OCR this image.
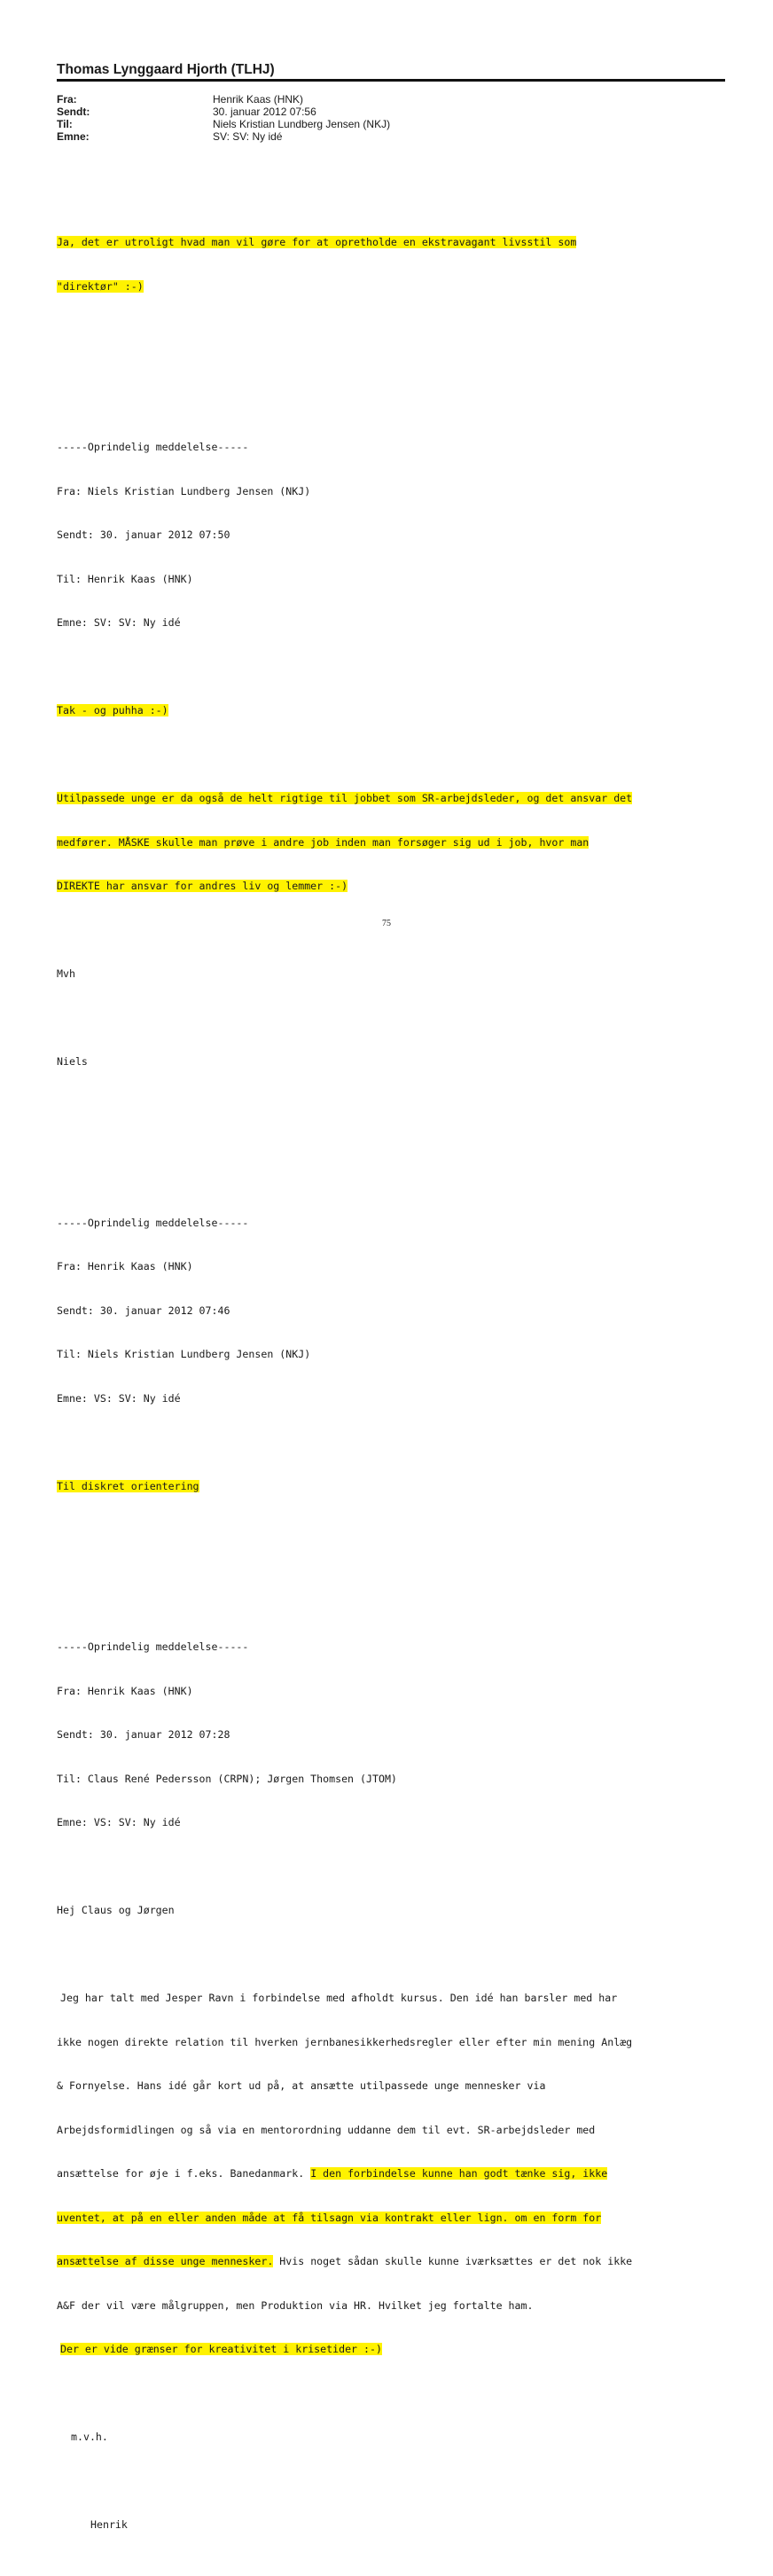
Thomas Lynggaard Hjorth (TLHJ)
Fra:	Henrik Kaas (HNK)
Sendt:	30. januar 2012 07:56
Til:	Niels Kristian Lundberg Jensen (NKJ)
Emne:	SV: SV: Ny idé

Ja, det er utroligt hvad man vil gøre for at opretholde en ekstravagant livsstil som

"direktør" :-)

-----Oprindelig meddelelse-----

Fra: Niels Kristian Lundberg Jensen (NKJ)

Sendt: 30. januar 2012 07:50

Til: Henrik Kaas (HNK)

Emne: SV: SV: Ny idé

Tak - og puhha :-)

Utilpassede unge er da også de helt rigtige til jobbet som SR-arbejdsleder, og det ansvar det

medfører. MÅSKE skulle man prøve i andre job inden man forsøger sig ud i job, hvor man

DIREKTE har ansvar for andres liv og lemmer :-)

Mvh

Niels

-----Oprindelig meddelelse-----

Fra: Henrik Kaas (HNK)

Sendt: 30. januar 2012 07:46

Til: Niels Kristian Lundberg Jensen (NKJ)

Emne: VS: SV: Ny idé

Til diskret orientering

-----Oprindelig meddelelse-----

Fra: Henrik Kaas (HNK)

Sendt: 30. januar 2012 07:28

Til: Claus René Pedersson (CRPN); Jørgen Thomsen (JTOM)

Emne: VS: SV: Ny idé

Hej Claus og Jørgen

Jeg har talt med Jesper Ravn i forbindelse med afholdt kursus. Den idé han barsler med har

ikke nogen direkte relation til hverken jernbanesikkerhedsregler eller efter min mening Anlæg

& Fornyelse. Hans idé går kort ud på, at ansætte utilpassede unge mennesker via

Arbejdsformidlingen og så via en mentorordning uddanne dem til evt. SR-arbejdsleder med

ansættelse for øje i f.eks. Banedanmark. I den forbindelse kunne han godt tænke sig, ikke

uventet, at på en eller anden måde at få tilsagn via kontrakt eller lign. om en form for

ansættelse af disse unge mennesker. Hvis noget sådan skulle kunne iværksættes er det nok ikke

A&F der vil være målgruppen, men Produktion via HR. Hvilket jeg fortalte ham.

Der er vide grænser for kreativitet i krisetider :-)

m.v.h.

Henrik

75
